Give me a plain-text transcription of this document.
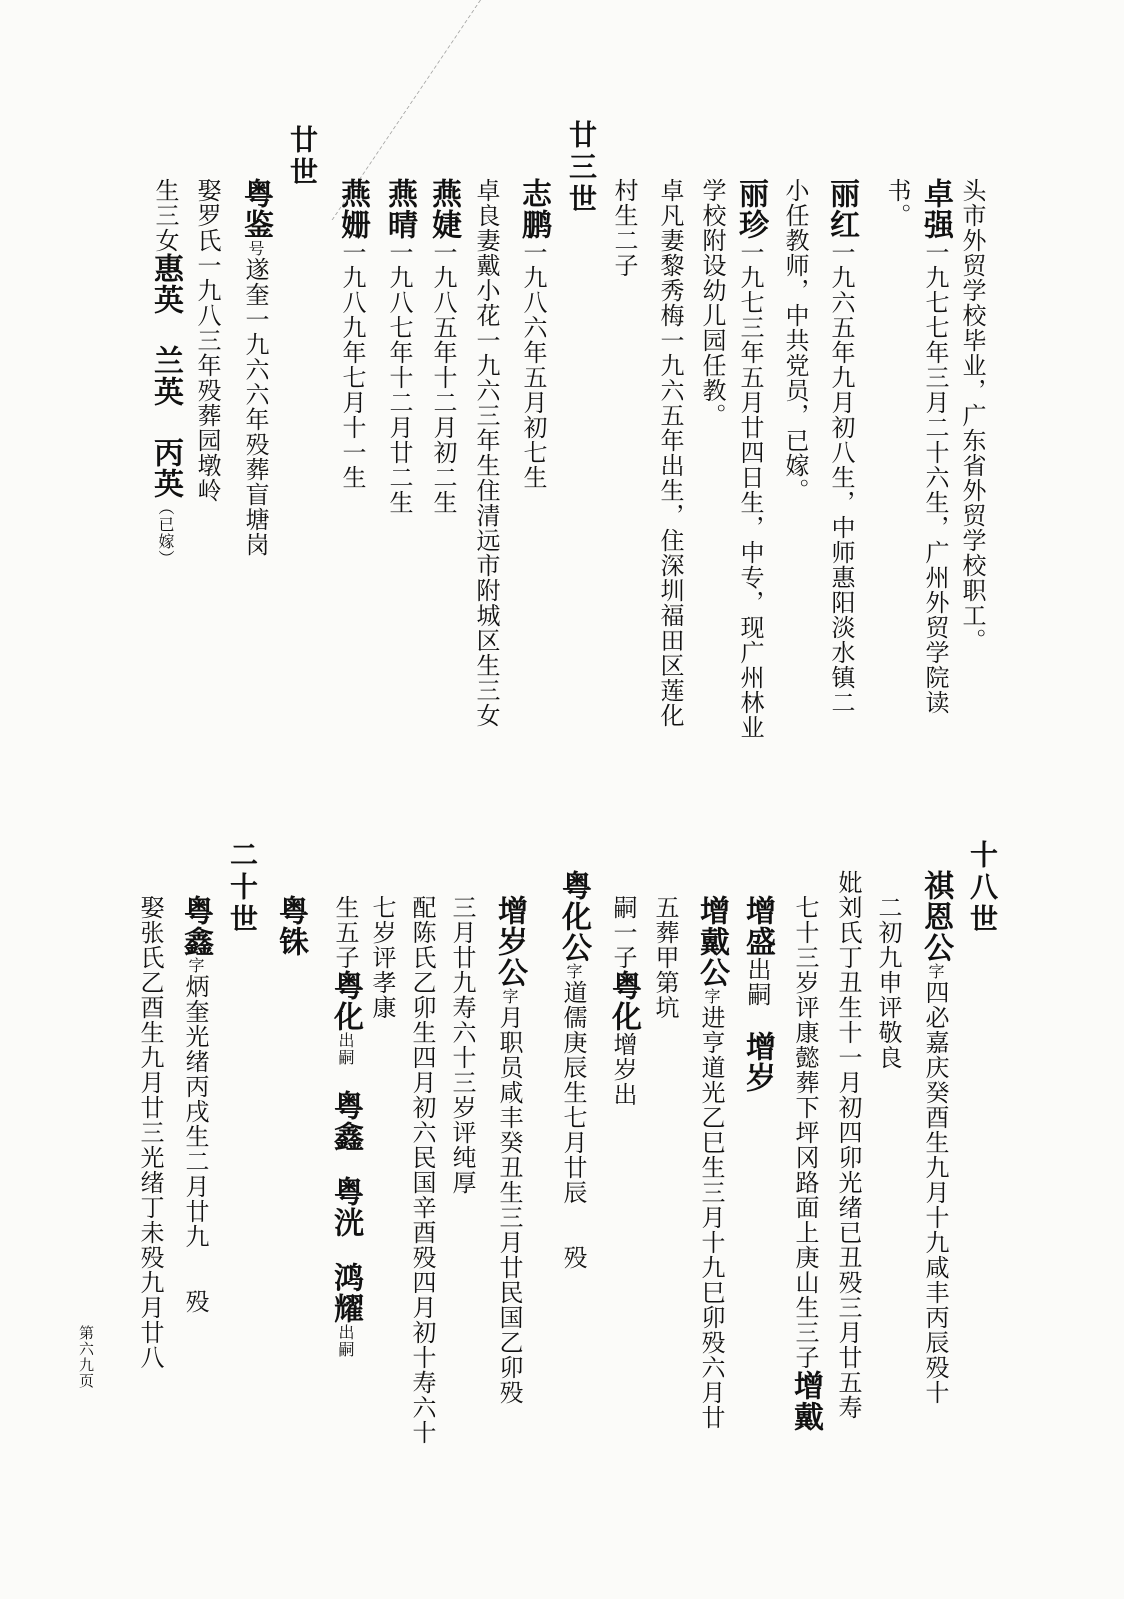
头市外贸学校毕业，广东省外贸学校职工。
卓强一九七七年三月二十六生，广州外贸学院读
书。
丽红一九六五年九月初八生，中师惠阳淡水镇二
小任教师，中共党员，已嫁。
丽珍一九七三年五月廿四日生，中专，现广州林业
学校附设幼儿园任教。
卓凡妻黎秀梅一九六五年出生，住深圳福田区莲化
村生二子
廿三世
志鹏一九八六年五月初七生
卓良妻戴小花一九六三年生住清远市附城区生三女
燕婕一九八五年十二月初二生
燕晴一九八七年十二月廿二生
燕姗一九八九年七月十一生
廿世
粤鉴号遂奎一九六六年殁葬盲塘岗
娶罗氏一九八三年殁葬园墩岭
生三女惠英兰英丙英（已嫁）
十八世
祺恩公字四必嘉庆癸酉生九月十九咸丰丙辰殁十
二初九申评敬良
妣刘氏丁丑生十一月初四卯光绪已丑殁三月廿五寿
七十三岁评康懿葬下坪冈路面上庚山生三子增戴
增盛出嗣增岁
增戴公字进亨道光乙巳生三月十九巳卯殁六月廿
五葬甲第坑
嗣一子粤化增岁出
粤化公字道儒庚辰生七月廿辰殁
增岁公字月职员咸丰癸丑生三月廿民国乙卯殁
三月廿九寿六十三岁评纯厚
配陈氏乙卯生四月初六民国辛酉殁四月初十寿六十
七岁评孝康
生五子粤化出嗣粤鑫粤洸鸿耀出嗣
粤铢
二十世
粤鑫字炳奎光绪丙戌生二月廿九殁
娶张氏乙酉生九月廿三光绪丁未殁九月廿八
第六九页
